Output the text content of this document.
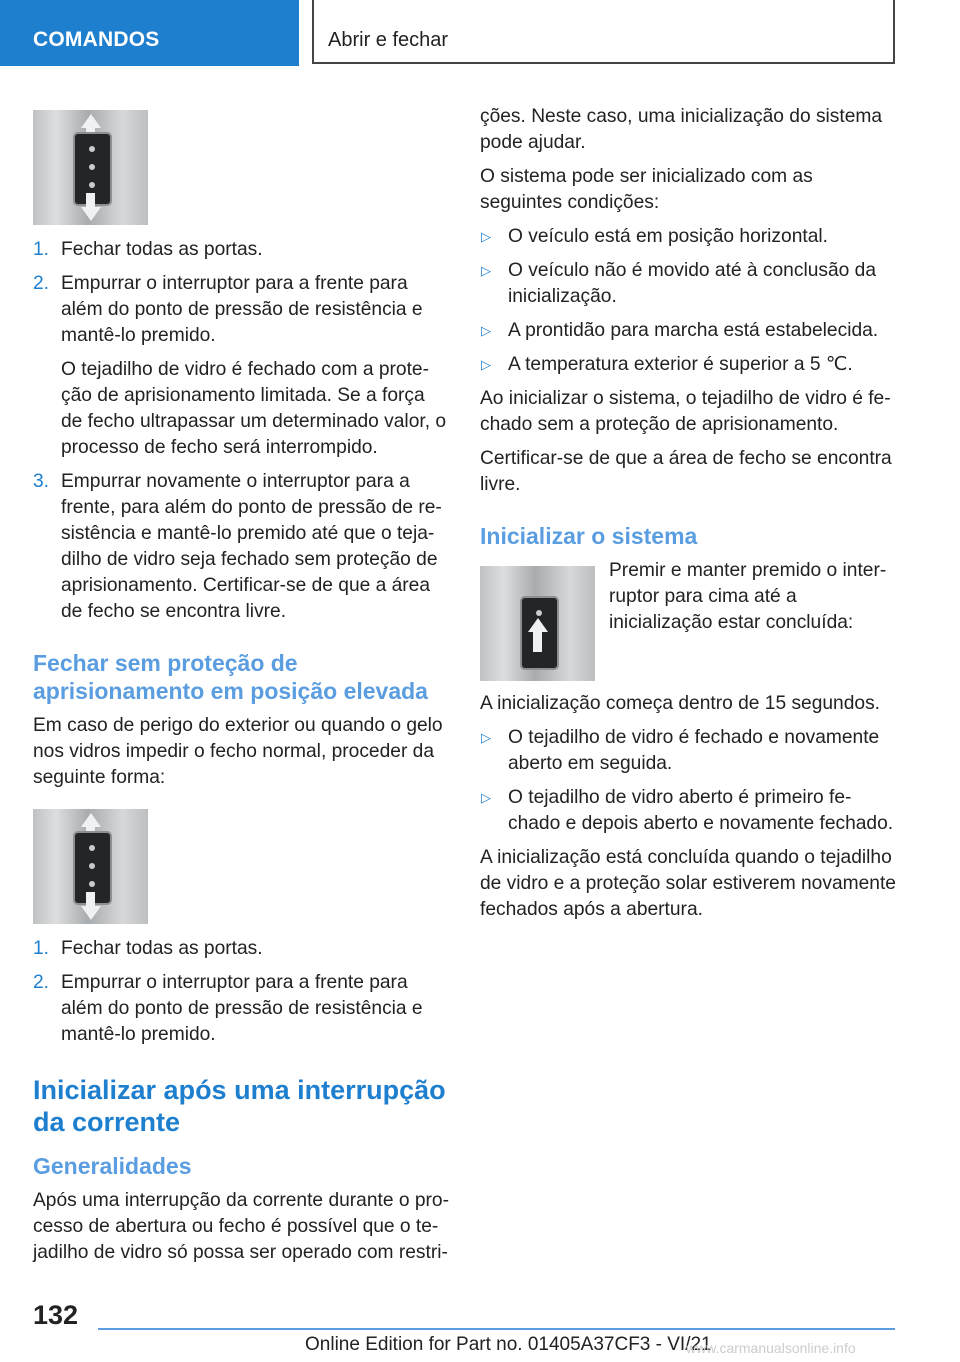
COMANDOS	Abrir e fechar
1. Fechar todas as portas.
2. Empurrar o interruptor para a frente para além do ponto de pressão de resistência e mantê-lo premido.
O tejadilho de vidro é fechado com a prote-ção de aprisionamento limitada. Se a força de fecho ultrapassar um determinado valor, o processo de fecho será interrompido.
3. Empurrar novamente o interruptor para a frente, para além do ponto de pressão de re-sistência e mantê-lo premido até que o teja-dilho de vidro seja fechado sem proteção de aprisionamento. Certificar-se de que a área de fecho se encontra livre.
Fechar sem proteção de aprisionamento em posição elevada

Em caso de perigo do exterior ou quando o gelo nos vidros impedir o fecho normal, proceder da seguinte forma:

1. Fechar todas as portas.
2. Empurrar o interruptor para a frente para além do ponto de pressão de resistência e mantê-lo premido.
Inicializar após uma interrupção da corrente
Generalidades

Após uma interrupção da corrente durante o pro-cesso de abertura ou fecho é possível que o te-jadilho de vidro só possa ser operado com restri-

ções. Neste caso, uma inicialização do sistema pode ajudar.

O sistema pode ser inicializado com as seguintes condições:

▷ O veículo está em posição horizontal.
▷ O veículo não é movido até à conclusão da inicialização.
▷ A prontidão para marcha está estabelecida.
▷ A temperatura exterior é superior a 5 ℃.

Ao inicializar o sistema, o tejadilho de vidro é fe-chado sem a proteção de aprisionamento.

Certificar-se de que a área de fecho se encontra livre.

Inicializar o sistema

Premir e manter premido o inter-ruptor para cima até a inicialização estar concluída:

A inicialização começa dentro de 15 segundos.

▷ O tejadilho de vidro é fechado e novamente aberto em seguida.
▷ O tejadilho de vidro aberto é primeiro fe-chado e depois aberto e novamente fechado.

A inicialização está concluída quando o tejadilho de vidro e a proteção solar estiverem novamente fechados após a abertura.

132
Online Edition for Part no. 01405A37CF3 - VI/21
www.carmanualsonline.info
